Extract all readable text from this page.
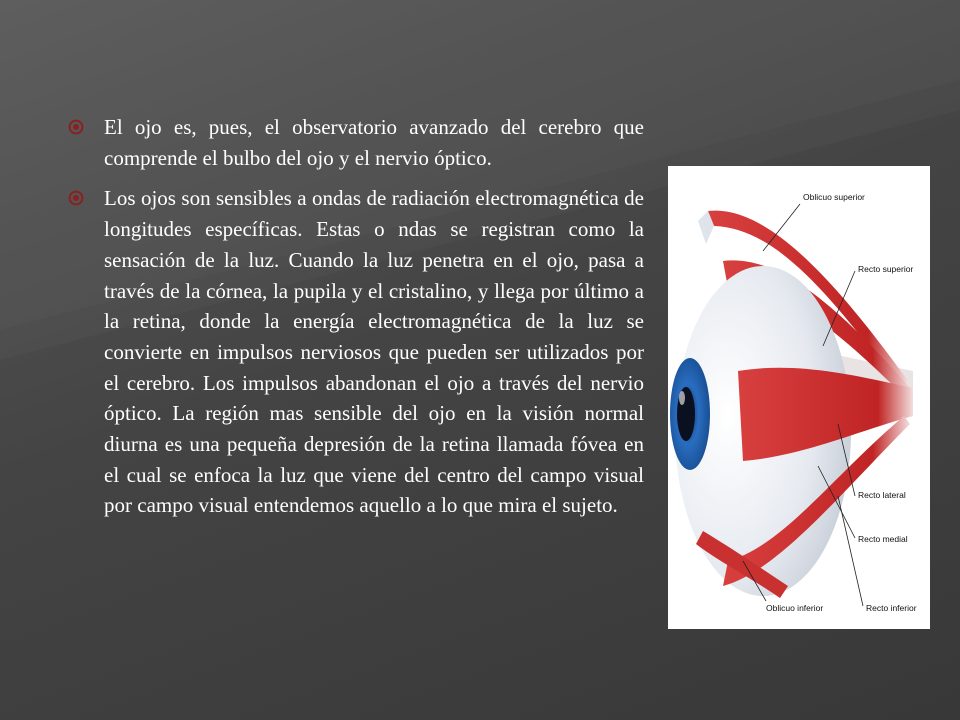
El ojo es, pues, el observatorio avanzado del cerebro que comprende el bulbo del ojo y el nervio óptico.
Los ojos son sensibles a ondas de radiación electromagnética de longitudes específicas. Estas o ndas se registran como la sensación de la luz. Cuando la luz penetra en el ojo, pasa a través de la córnea, la pupila y el cristalino, y llega por último a la retina, donde la energía electromagnética de la luz se convierte en impulsos nerviosos que pueden ser utilizados por el cerebro. Los impulsos abandonan el ojo a través del nervio óptico. La región mas sensible del ojo en la visión normal diurna es una pequeña depresión de la retina llamada fóvea en el cual se enfoca la luz que viene del centro del campo visual por campo visual entendemos aquello a lo que mira el sujeto.
Oblicuo superior
Recto superior
Recto lateral
Recto medial
Oblicuo inferior	Recto inferior
